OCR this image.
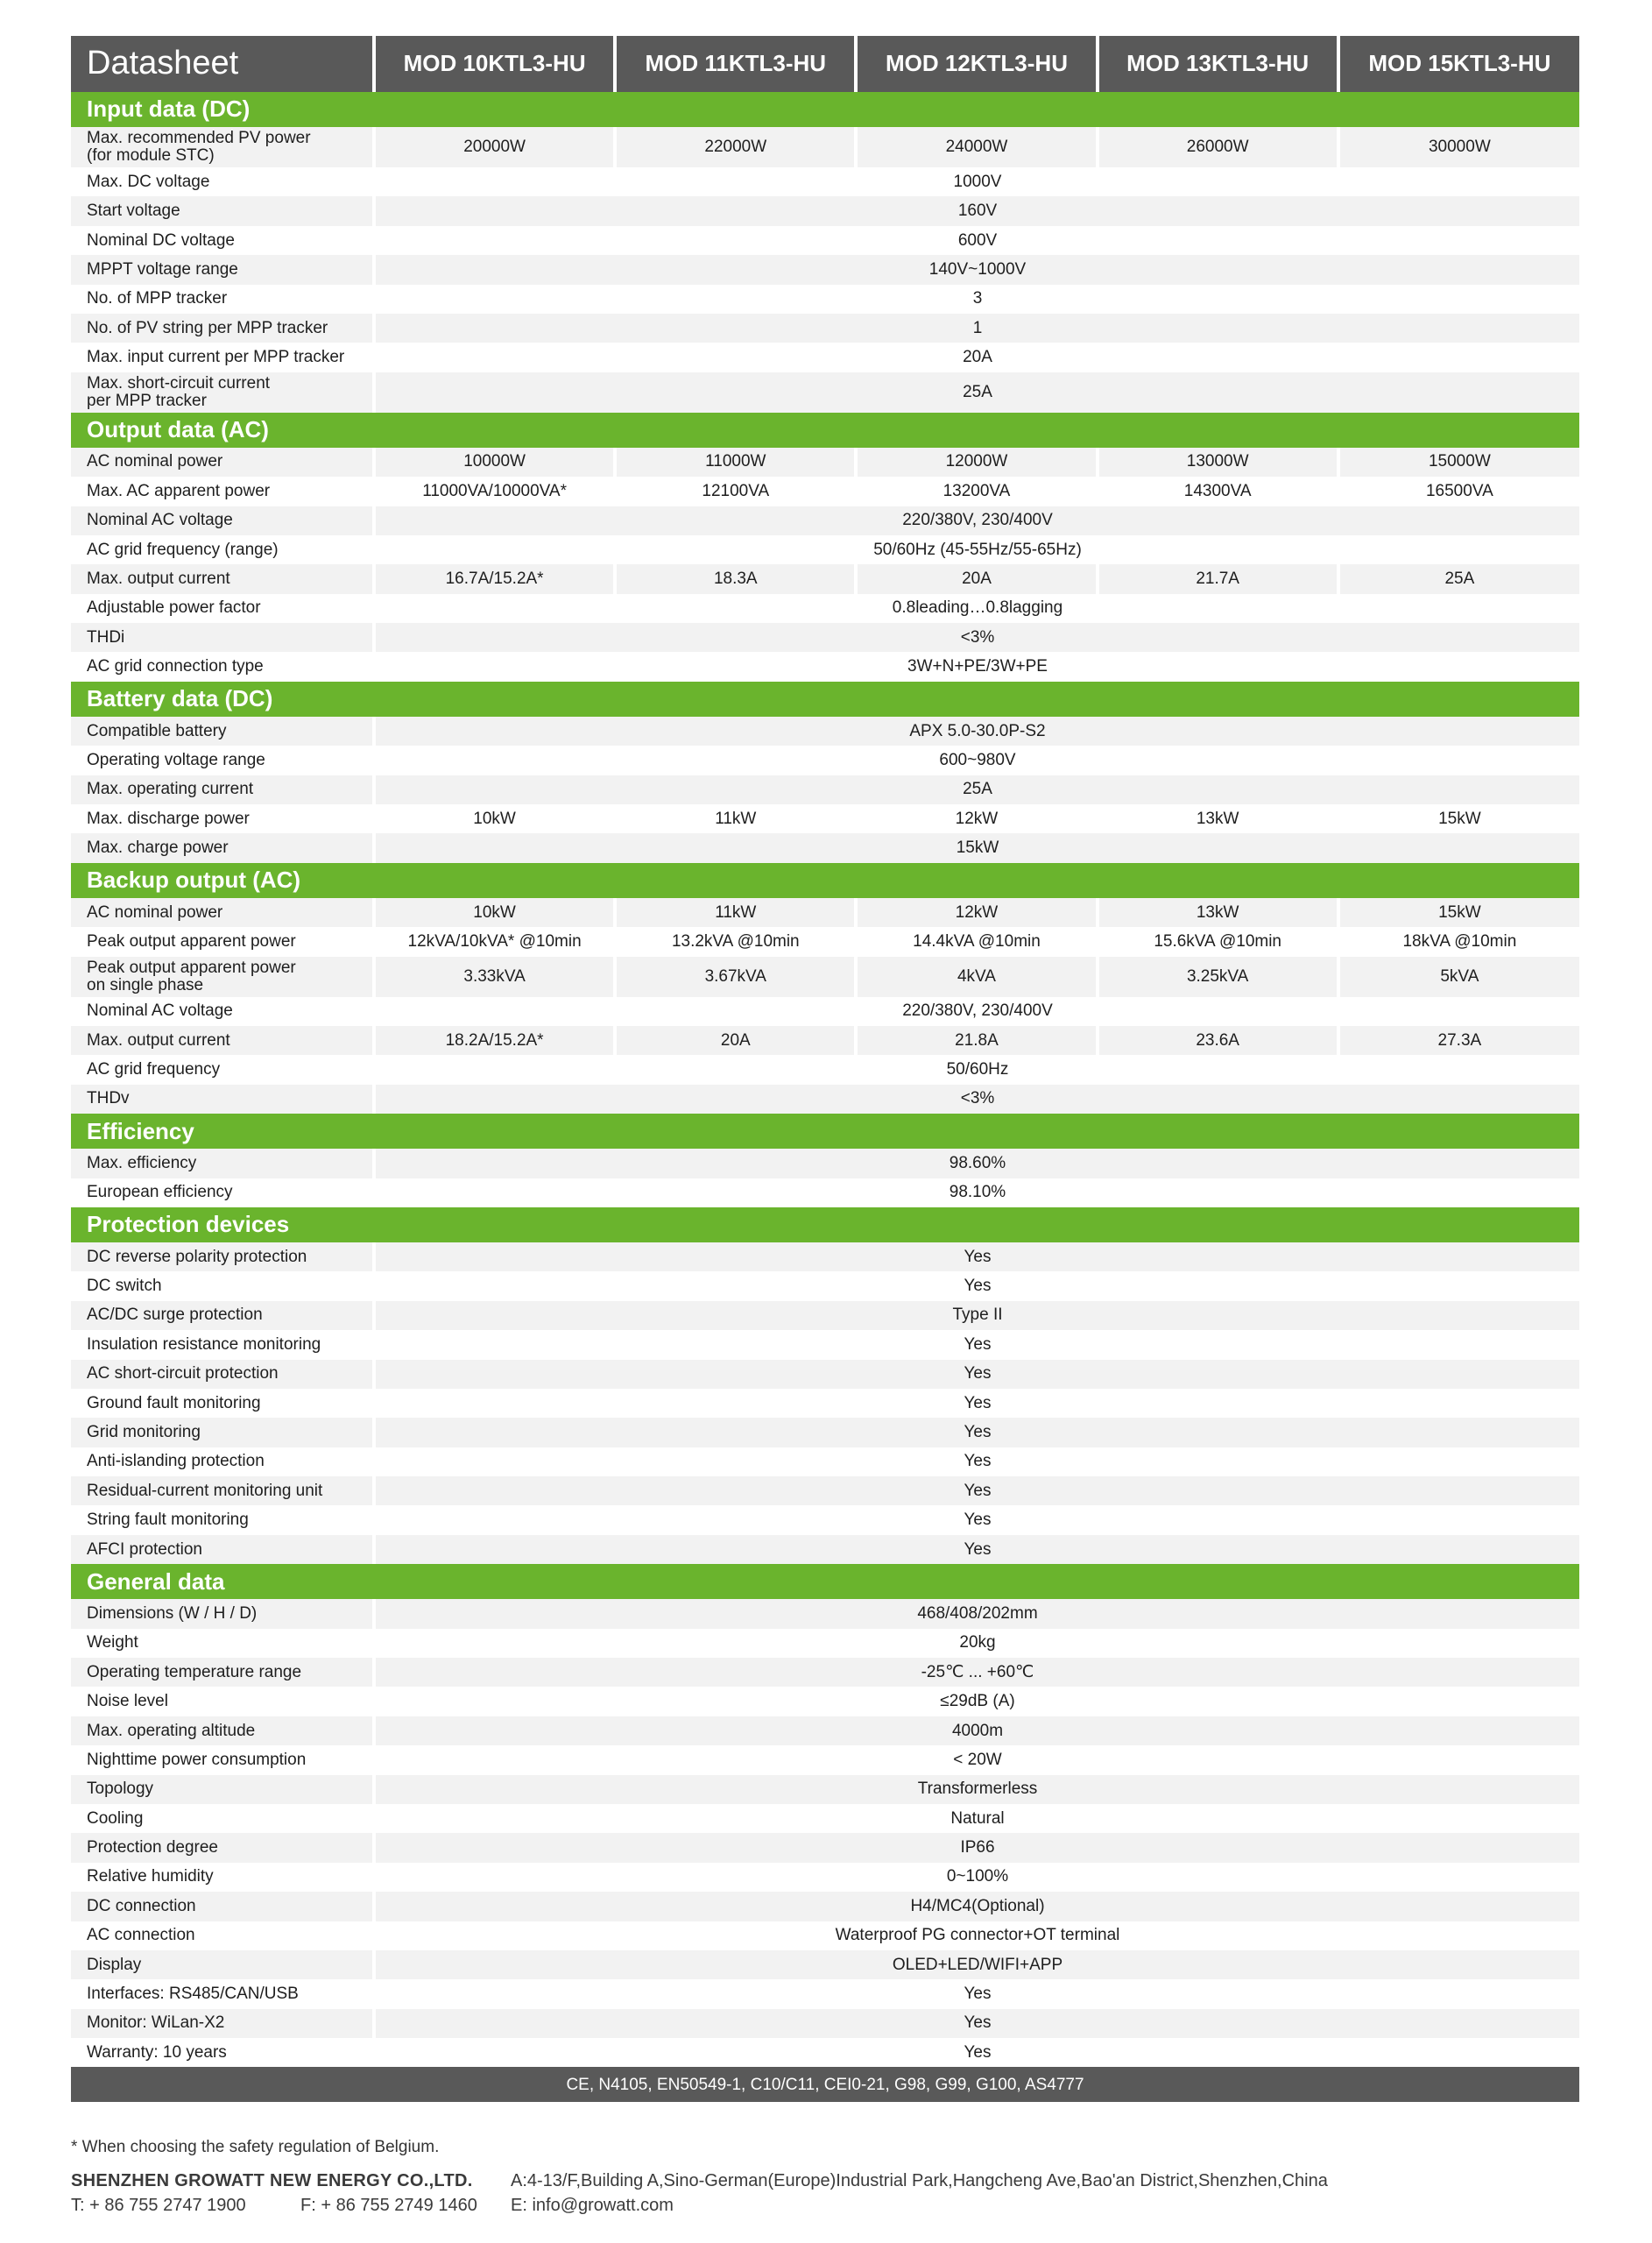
Datasheet	MOD 10KTL3-HU	MOD 11KTL3-HU	MOD 12KTL3-HU	MOD 13KTL3-HU	MOD 15KTL3-HU
Input data (DC)					

Max. recommended PV power
(for module STC)	20000W	22000W	24000W	26000W	30000W

Max. DC voltage	1000V				

Start voltage	160V				

Nominal DC voltage	600V				

MPPT voltage range	140V~1000V				

No. of MPP tracker	3				

No. of PV string per MPP tracker	1				

Max. input current per MPP tracker	20A				

Max. short-circuit current
per MPP tracker	25A				
Output data (AC)					

AC nominal power	10000W	11000W	12000W	13000W	15000W

Max. AC apparent power	11000VA/10000VA*	12100VA	13200VA	14300VA	16500VA

Nominal AC voltage	220/380V, 230/400V				

AC grid frequency (range)	50/60Hz (45-55Hz/55-65Hz)				

Max. output current	16.7A/15.2A*	18.3A	20A	21.7A	25A

Adjustable power factor	0.8leading…0.8lagging				

THDi	<3%				

AC grid connection type	3W+N+PE/3W+PE				
Battery data (DC)					

Compatible battery	APX 5.0-30.0P-S2				

Operating voltage range	600~980V				

Max. operating current	25A				

Max. discharge power	10kW	11kW	12kW	13kW	15kW

Max. charge power	15kW				
Backup output (AC)					

AC nominal power	10kW	11kW	12kW	13kW	15kW

Peak output apparent power	12kVA/10kVA* @10min	13.2kVA @10min	14.4kVA @10min	15.6kVA @10min	18kVA @10min

Peak output apparent power
on single phase	3.33kVA	3.67kVA	4kVA	3.25kVA	5kVA

Nominal AC voltage	220/380V, 230/400V				

Max. output current	18.2A/15.2A*	20A	21.8A	23.6A	27.3A

AC grid frequency	50/60Hz				

THDv	<3%				
Efficiency					

Max. efficiency	98.60%				

European efficiency	98.10%				
Protection devices					

DC reverse polarity protection	Yes				

DC switch	Yes				

AC/DC surge protection	Type II				

Insulation resistance monitoring	Yes				

AC short-circuit protection	Yes				

Ground fault monitoring	Yes				

Grid monitoring	Yes				

Anti-islanding protection	Yes				

Residual-current monitoring unit	Yes				

String fault monitoring	Yes				

AFCI protection	Yes				
General data					

Dimensions (W / H / D)	468/408/202mm				

Weight	20kg				

Operating temperature range	-25℃ ... +60℃				

Noise level	≤29dB (A)				

Max. operating altitude	4000m				

Nighttime power consumption	< 20W				

Topology	Transformerless				

Cooling	Natural				

Protection degree	IP66				

Relative humidity	0~100%				

DC connection	H4/MC4(Optional)				

AC connection	Waterproof PG connector+OT terminal				

Display	OLED+LED/WIFI+APP				

Interfaces: RS485/CAN/USB	Yes				

Monitor: WiLan-X2	Yes				

Warranty: 10 years	Yes				
CE, N4105, EN50549-1, C10/C11, CEI0-21, G98, G99, G100, AS4777					
* When choosing the safety regulation of Belgium.
SHENZHEN GROWATT NEW ENERGY CO.,LTD. A:4-13/F,Building A,Sino-German(Europe)Industrial Park,Hangcheng Ave,Bao'an District,Shenzhen,China
T: + 86 755 2747 1900	F: + 86 755 2749 1460 E: info@growatt.com
